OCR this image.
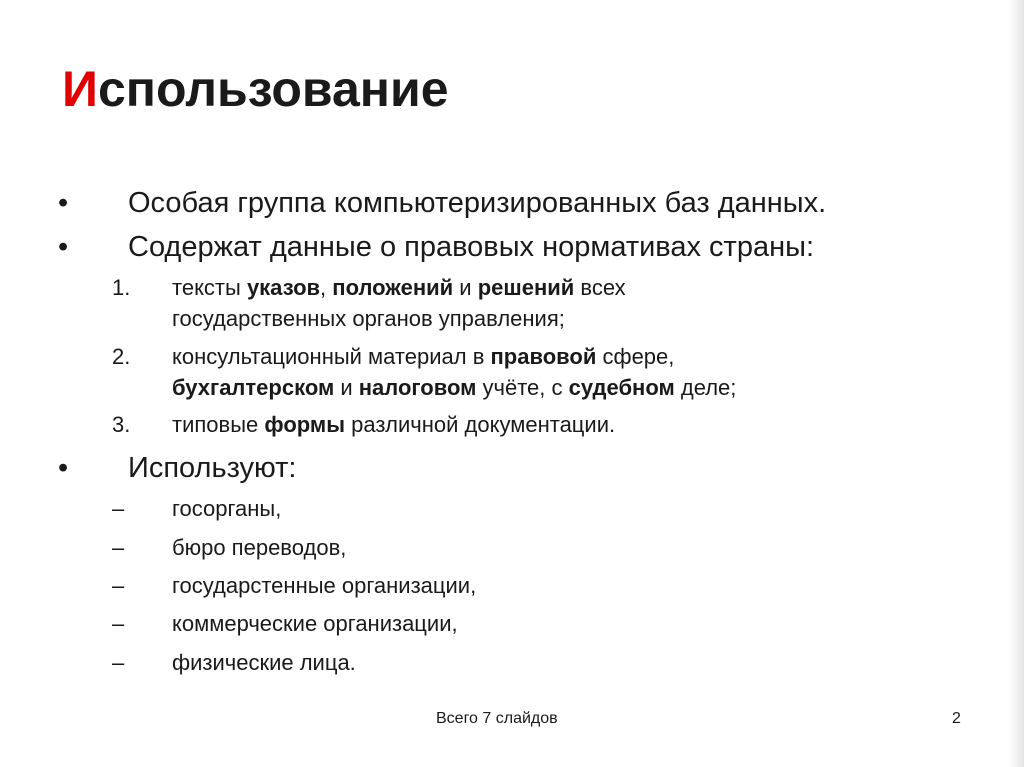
Использование
• Особая группа компьютеризированных баз данных.
• Содержат данные о правовых нормативах страны:
1. тексты указов, положений и решений всех
государственных органов управления;
2. консультационный материал в правовой сфере,
бухгалтерском и налоговом учёте, с судебном деле;
3. типовые формы различной документации.
• Используют:
– госорганы,
– бюро переводов,
– государстенные организации,
– коммерческие организации,
– физические лица.
Всего 7 слайдов	2
